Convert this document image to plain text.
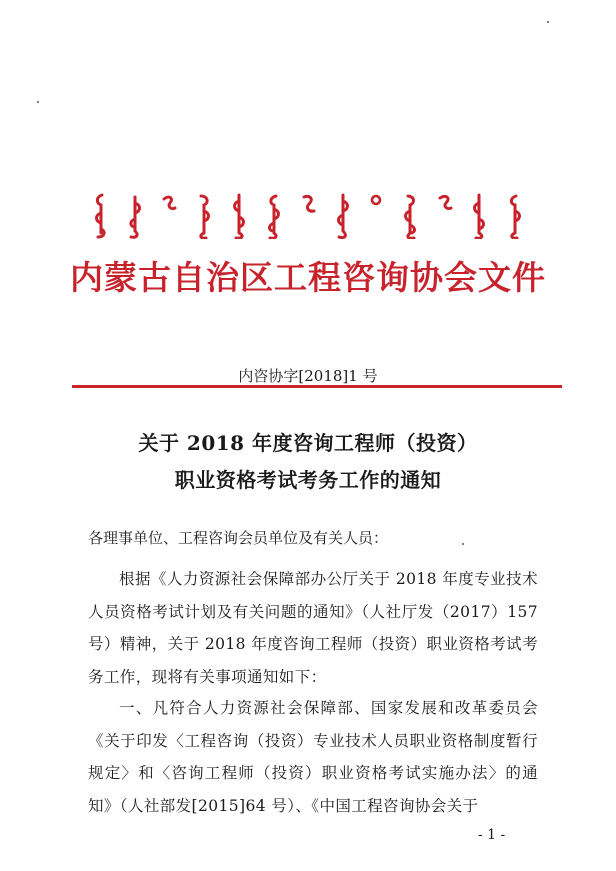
内蒙古自治区工程咨询协会文件
内咨协字[2018]1 号
关于 2018 年度咨询工程师（投资）
职业资格考试考务工作的通知
各理事单位、工程咨询会员单位及有关人员：

根据《人力资源社会保障部办公厅关于 2018 年度专业技术人员资格考试计划及有关问题的通知》（人社厅发（2017）157 号）精神，关于 2018 年度咨询工程师（投资）职业资格考试考务工作，现将有关事项通知如下：

一、凡符合人力资源社会保障部、国家发展和改革委员会《关于印发〈工程咨询（投资）专业技术人员职业资格制度暂行规定〉和〈咨询工程师（投资）职业资格考试实施办法〉的通知》（人社部发[2015]64 号）、《中国工程咨询协会关于

- 1 -
